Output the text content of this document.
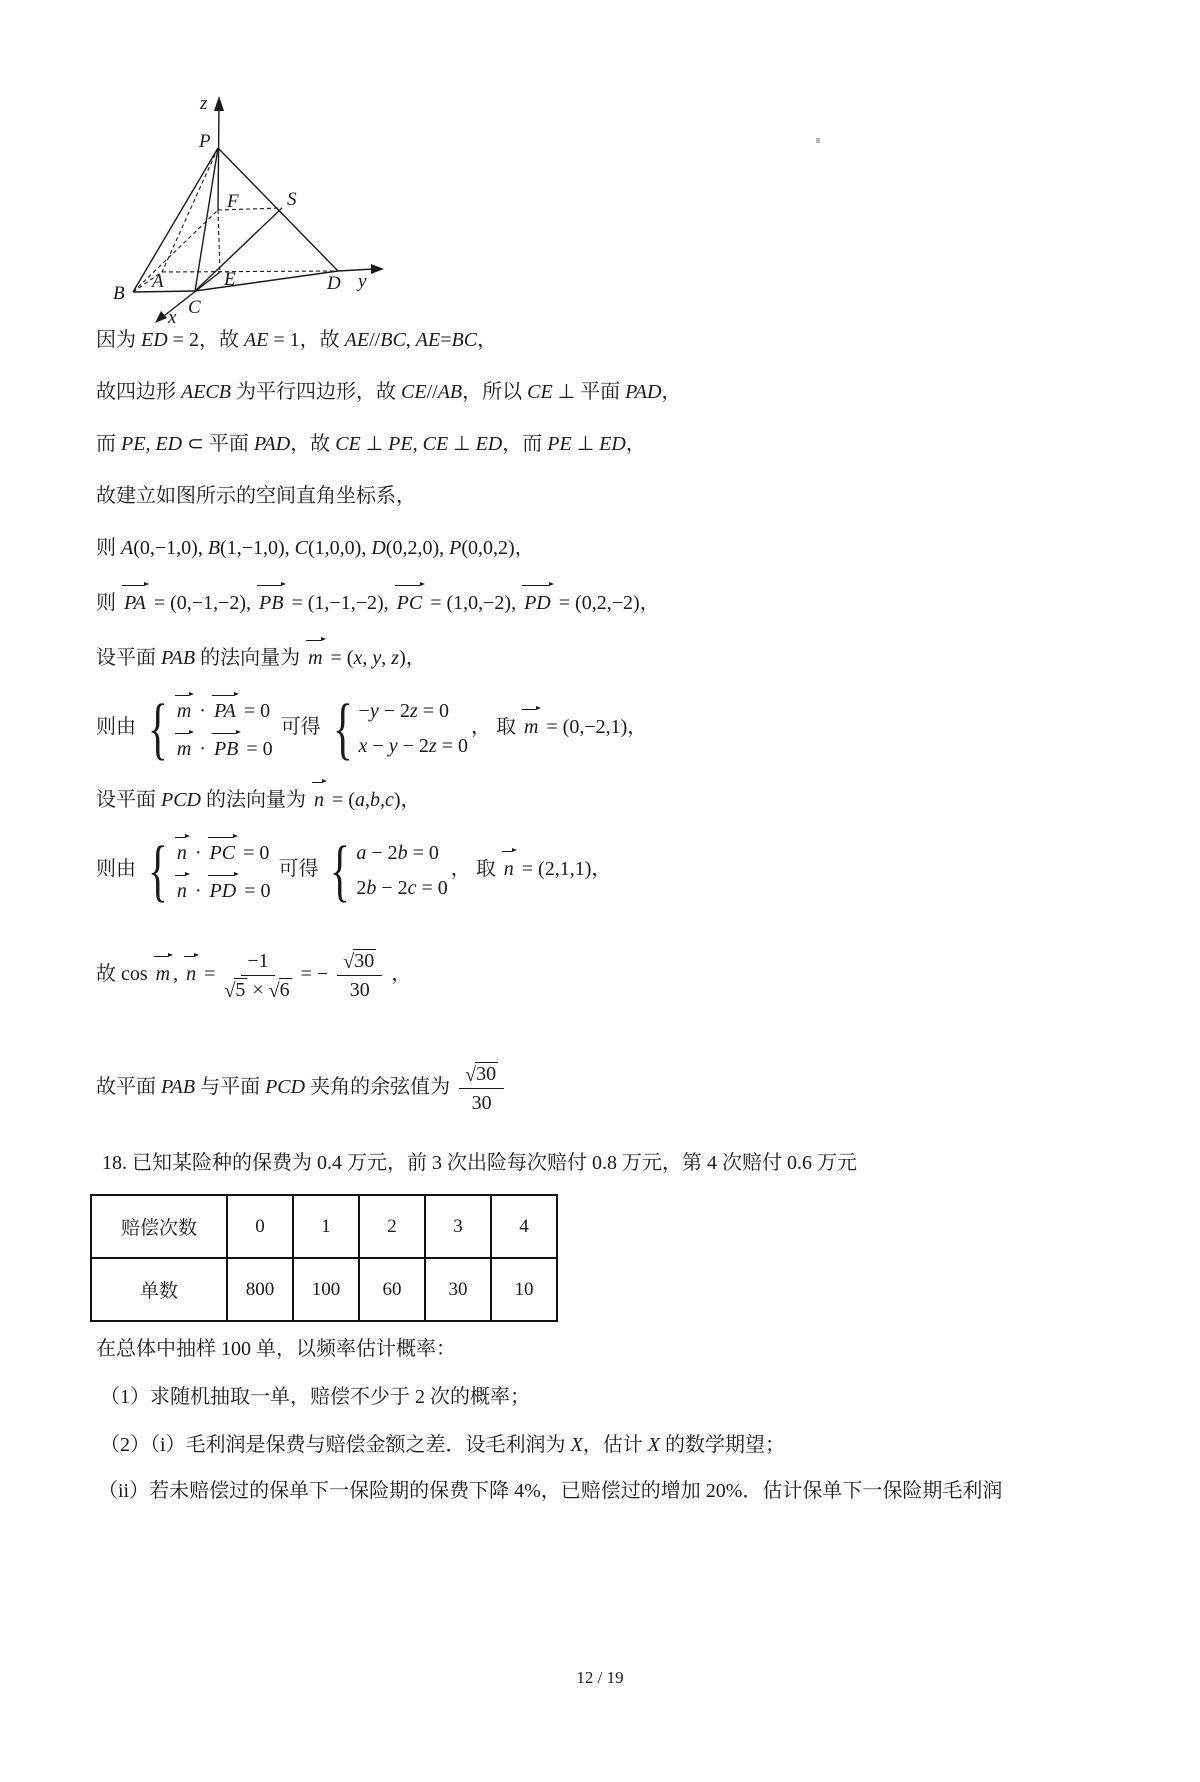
z
P
F	S
A	E
B
C
D y
x
因为 ED = 2，故 AE = 1，故 AE//BC, AE=BC，
故四边形 AECB 为平行四边形，故 CE//AB，所以 CE ⊥ 平面 PAD，
而 PE, ED ⊂ 平面 PAD，故 CE ⊥ PE, CE ⊥ ED，而 PE ⊥ ED，
故建立如图所示的空间直角坐标系，
则 A(0,−1,0), B(1,−1,0), C(1,0,0), D(0,2,0), P(0,0,2)，
则 PA = (0,−1,−2), PB = (1,−1,−2), PC = (1,0,−2), PD = (0,2,−2)，
设平面 PAB 的法向量为 m = (x, y, z)，
则由 { m · PA = 0
m · PB = 0
可得 { −y − 2z = 0
x − y − 2z = 0
， 取 m = (0,−2,1)，
设平面 PCD 的法向量为 n = (a,b,c)，
则由 { n · PC = 0
n · PD = 0
可得 { a − 2b = 0
2b − 2c = 0
， 取 n = (2,1,1)，
故 cos m , n = −1
√ 5 × √ 6 = − √ $\frac{30}{30}$ ，
故平面 PAB 与平面 PCD 夹角的余弦值为 √ $\frac{30}{30}$
18. 已知某险种的保费为 0.4 万元，前 3 次出险每次赔付 0.8 万元，第 4 次赔付 0.6 万元
赔偿次数	0	1	2	3	4
单数	800	100	60	30	10
在总体中抽样 100 单，以频率估计概率：
（1）求随机抽取一单，赔偿不少于 2 次的概率；
（2）（i）毛利润是保费与赔偿金额之差．设毛利润为 X，估计 X 的数学期望；
（ii）若未赔偿过的保单下一保险期的保费下降 4%，已赔偿过的增加 20%．估计保单下一保险期毛利润
12 / 19
